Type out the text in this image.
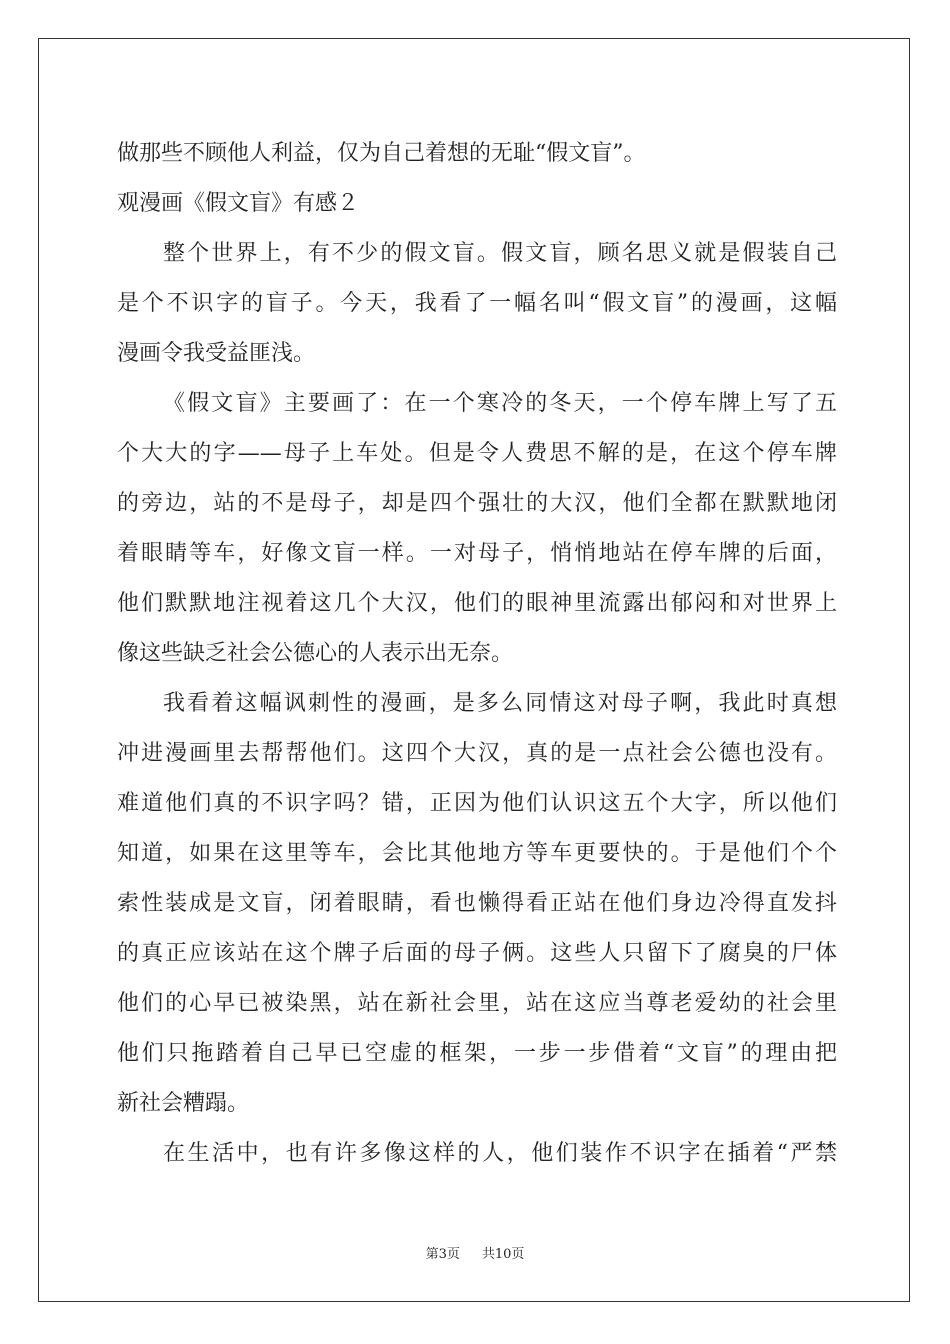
做那些不顾他人利益，仅为自己着想的无耻“假文盲”。
观漫画《假文盲》有感２
整个世界上，有不少的假文盲。假文盲，顾名思义就是假装自己
是个不识字的盲子。今天，我看了一幅名叫“假文盲”的漫画，这幅
漫画令我受益匪浅。
《假文盲》主要画了：在一个寒冷的冬天，一个停车牌上写了五
个大大的字——母子上车处。但是令人费思不解的是，在这个停车牌
的旁边，站的不是母子，却是四个强壮的大汉，他们全都在默默地闭
着眼睛等车，好像文盲一样。一对母子，悄悄地站在停车牌的后面，
他们默默地注视着这几个大汉，他们的眼神里流露出郁闷和对世界上
像这些缺乏社会公德心的人表示出无奈。
我看着这幅讽刺性的漫画，是多么同情这对母子啊，我此时真想
冲进漫画里去帮帮他们。这四个大汉，真的是一点社会公德也没有。
难道他们真的不识字吗？错，正因为他们认识这五个大字，所以他们
知道，如果在这里等车，会比其他地方等车更要快的。于是他们个个
索性装成是文盲，闭着眼睛，看也懒得看正站在他们身边冷得直发抖
的真正应该站在这个牌子后面的母子俩。这些人只留下了腐臭的尸体
他们的心早已被染黑，站在新社会里，站在这应当尊老爱幼的社会里
他们只拖踏着自己早已空虚的框架，一步一步借着“文盲”的理由把
新社会糟蹋。
在生活中，也有许多像这样的人，他们装作不识字在插着“严禁
第3页 共10页
